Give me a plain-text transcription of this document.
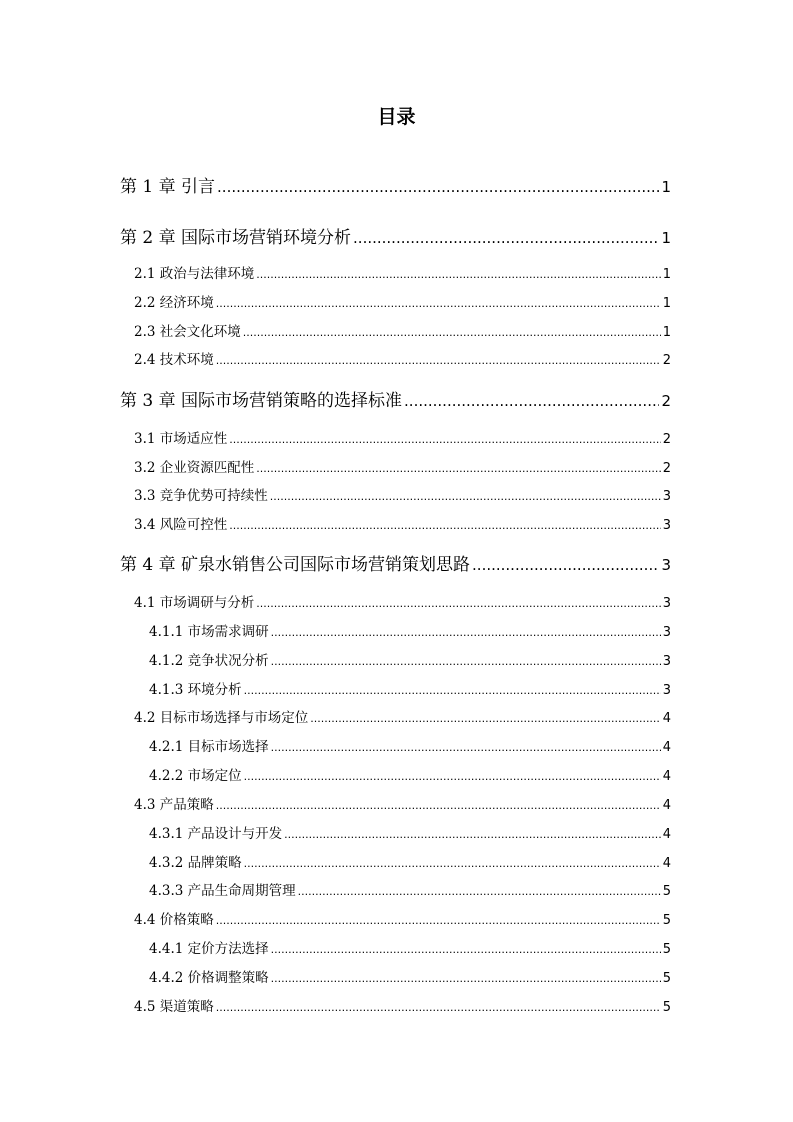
目录
第 1 章 引言 .....	1
第 2 章 国际市场营销环境分析 .....	1
2.1 政治与法律环境 .....	1
2.2 经济环境 .....	1
2.3 社会文化环境 .....	1
2.4 技术环境 .....	2
第 3 章 国际市场营销策略的选择标准 .....	2
3.1 市场适应性 .....	2
3.2 企业资源匹配性 .....	2
3.3 竞争优势可持续性 .....	3
3.4 风险可控性 .....	3
第 4 章 矿泉水销售公司国际市场营销策划思路 .....	3
4.1 市场调研与分析 .....	3
4.1.1 市场需求调研 .....	3
4.1.2 竞争状况分析 .....	3
4.1.3 环境分析 .....	3
4.2 目标市场选择与市场定位 .....	4
4.2.1 目标市场选择 .....	4
4.2.2 市场定位 .....	4
4.3 产品策略 .....	4
4.3.1 产品设计与开发 .....	4
4.3.2 品牌策略 .....	4
4.3.3 产品生命周期管理 .....	5
4.4 价格策略 .....	5
4.4.1 定价方法选择 .....	5
4.4.2 价格调整策略 .....	5
4.5 渠道策略 .....	5
